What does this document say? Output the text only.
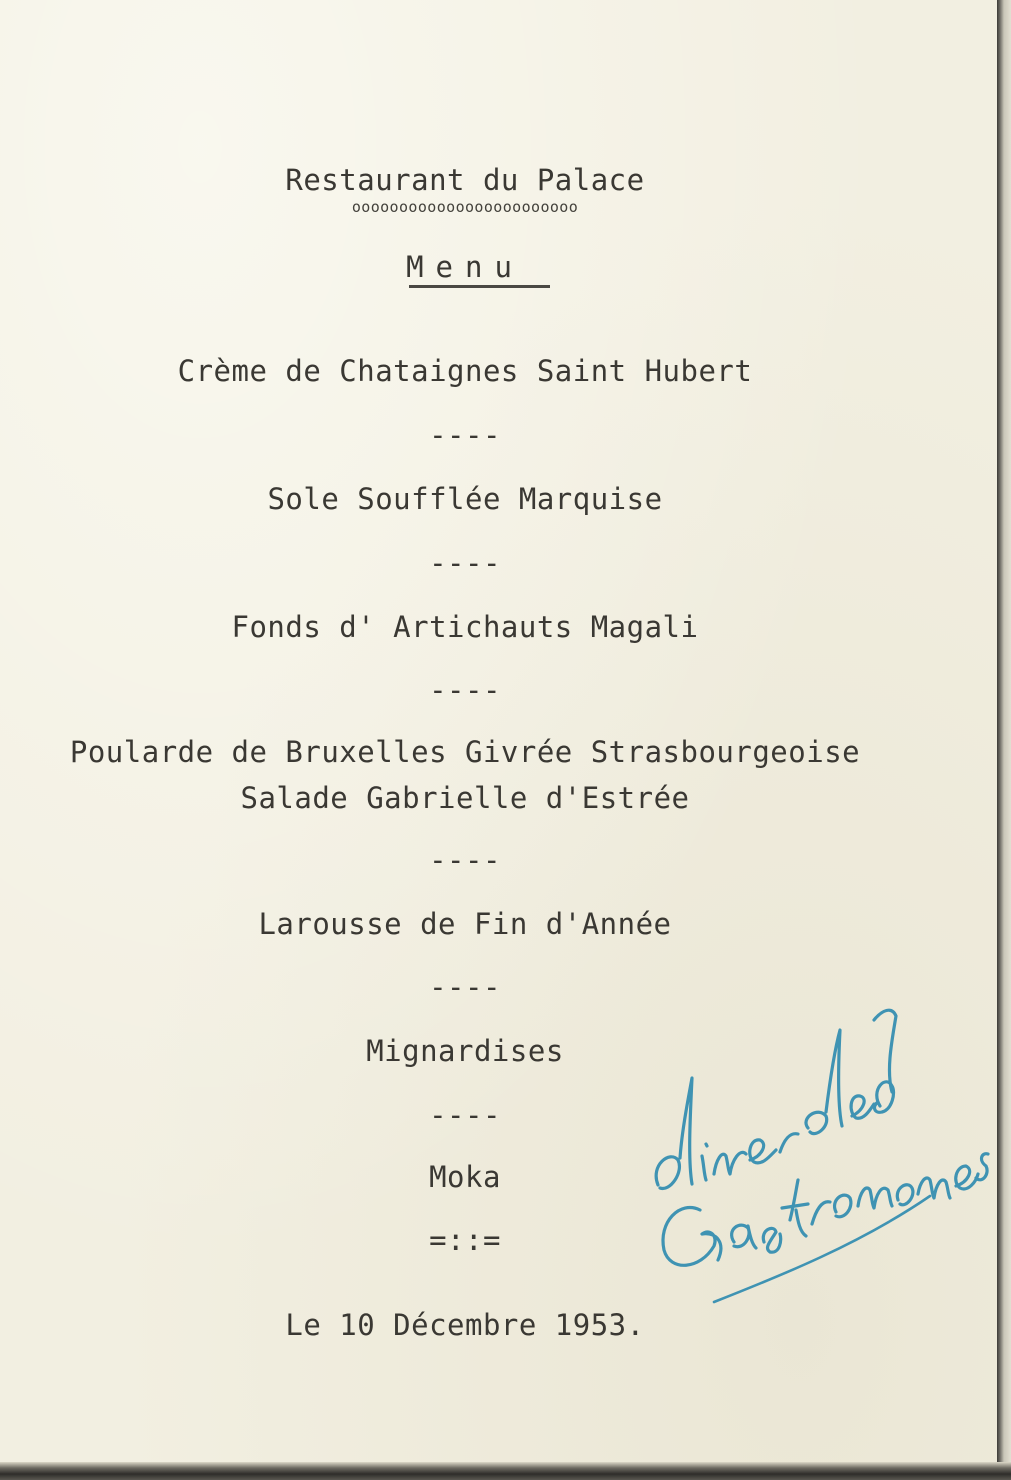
Restaurant du Palace
oooooooooooooooooooooooo
Menu
Crème de Chataignes Saint Hubert
----
Sole Soufflée Marquise
----
Fonds d' Artichauts Magali
----
Poularde de Bruxelles Givrée Strasbourgeoise
Salade Gabrielle d'Estrée
----
Larousse de Fin d'Année
----
Mignardises
----
Moka
=::=
Le 10 Décembre 1953.
